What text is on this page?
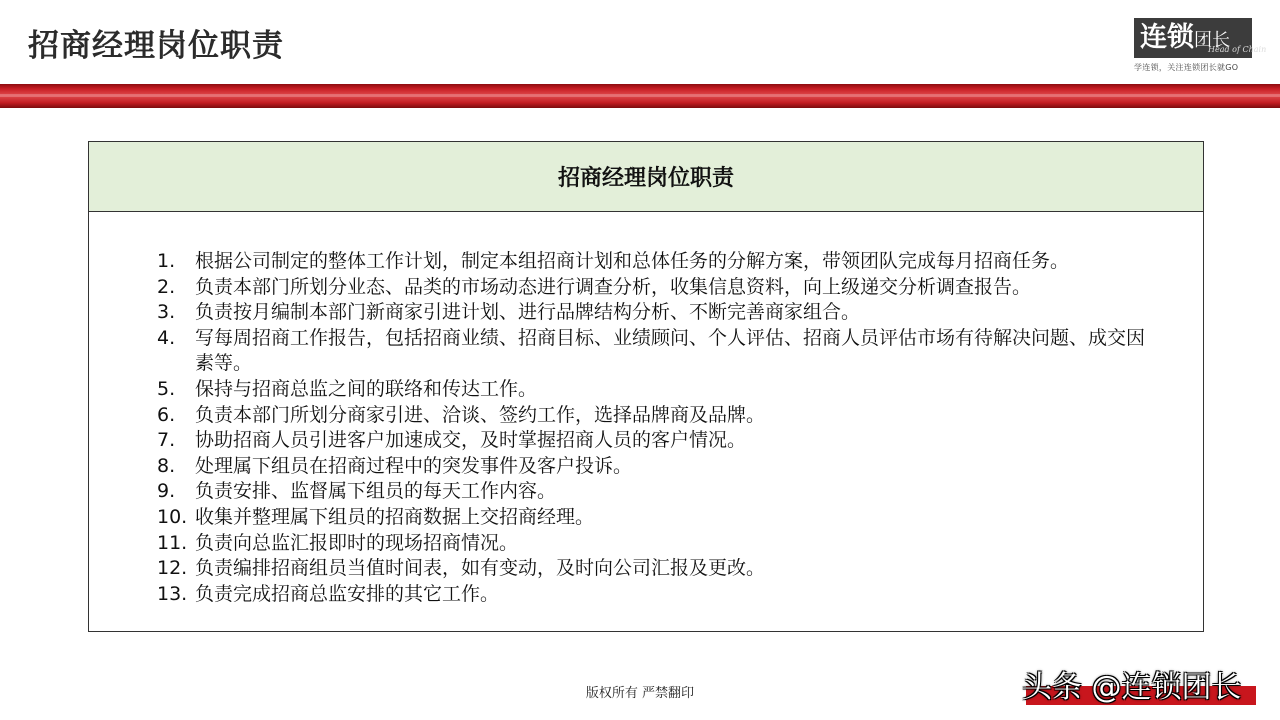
招商经理岗位职责	连锁团长
Head of Chain
学连锁，关注连锁团长就GO
招商经理岗位职责
1.	根据公司制定的整体工作计划，制定本组招商计划和总体任务的分解方案，带领团队完成每月招商任务。
2.	负责本部门所划分业态、品类的市场动态进行调查分析，收集信息资料，向上级递交分析调查报告。
3.	负责按月编制本部门新商家引进计划、进行品牌结构分析、不断完善商家组合。
4.	写每周招商工作报告，包括招商业绩、招商目标、业绩顾问、个人评估、招商人员评估市场有待解决问题、成交因素等。
5.	保持与招商总监之间的联络和传达工作。
6.	负责本部门所划分商家引进、洽谈、签约工作，选择品牌商及品牌。
7.	协助招商人员引进客户加速成交，及时掌握招商人员的客户情况。
8.	处理属下组员在招商过程中的突发事件及客户投诉。
9.	负责安排、监督属下组员的每天工作内容。
10. 收集并整理属下组员的招商数据上交招商经理。
11. 负责向总监汇报即时的现场招商情况。
12. 负责编排招商组员当值时间表，如有变动，及时向公司汇报及更改。
13. 负责完成招商总监安排的其它工作。
版权所有 严禁翻印	头条 @连锁团长
